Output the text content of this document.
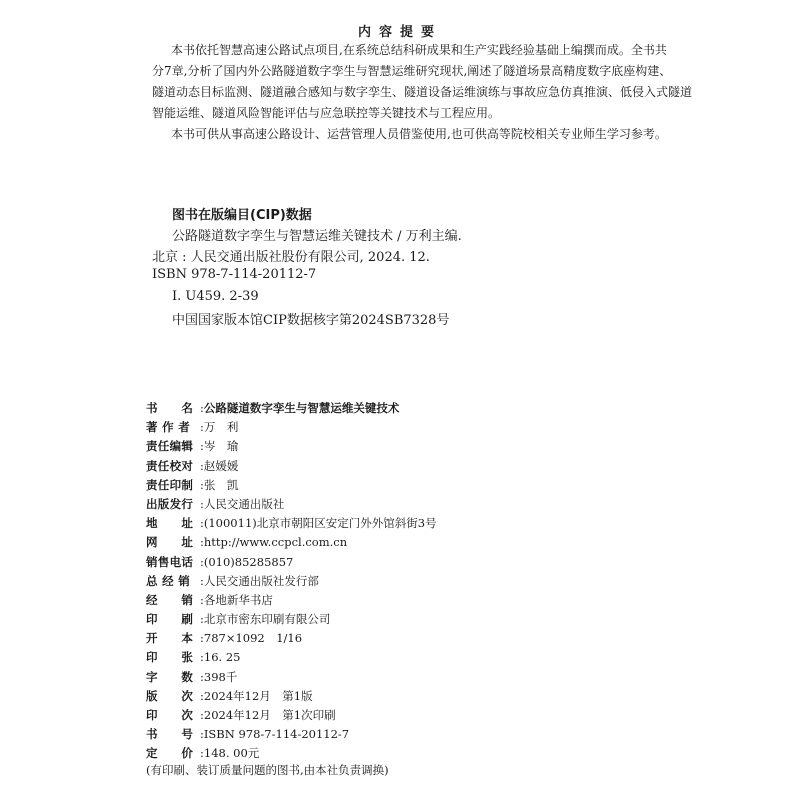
内容提要
本书依托智慧高速公路试点项目,在系统总结科研成果和生产实践经验基础上编撰而成。全书共
分7章,分析了国内外公路隧道数字孪生与智慧运维研究现状,阐述了隧道场景高精度数字底座构建、
隧道动态目标监测、隧道融合感知与数字孪生、隧道设备运维演练与事故应急仿真推演、低侵入式隧道
智能运维、隧道风险智能评估与应急联控等关键技术与工程应用。
本书可供从事高速公路设计、运营管理人员借鉴使用,也可供高等院校相关专业师生学习参考。
图书在版编目(CIP)数据
公路隧道数字孪生与智慧运维关键技术 / 万利主编.
北京 : 人民交通出版社股份有限公司, 2024. 12.
ISBN 978-7-114-20112-7
Ⅰ. U459. 2-39
中国国家版本馆CIP数据核字第2024SB7328号
书　　名 :公路隧道数字孪生与智慧运维关键技术
著 作 者 :万　利
责任编辑 :岑　瑜
责任校对 :赵媛媛
责任印制 :张　凯
出版发行 :人民交通出版社
地　　址 :(100011)北京市朝阳区安定门外外馆斜街3号
网　　址 :http://www.ccpcl.com.cn
销售电话 :(010)85285857
总 经 销 :人民交通出版社发行部
经　　销 :各地新华书店
印　　刷 :北京市密东印刷有限公司
开　　本 :787×1092　1/16
印　　张 :16. 25
字　　数 :398千
版　　次 :2024年12月　第1版
印　　次 :2024年12月　第1次印刷
书　　号 :ISBN 978-7-114-20112-7
定　　价 :148. 00元
(有印刷、装订质量问题的图书,由本社负责调换)
